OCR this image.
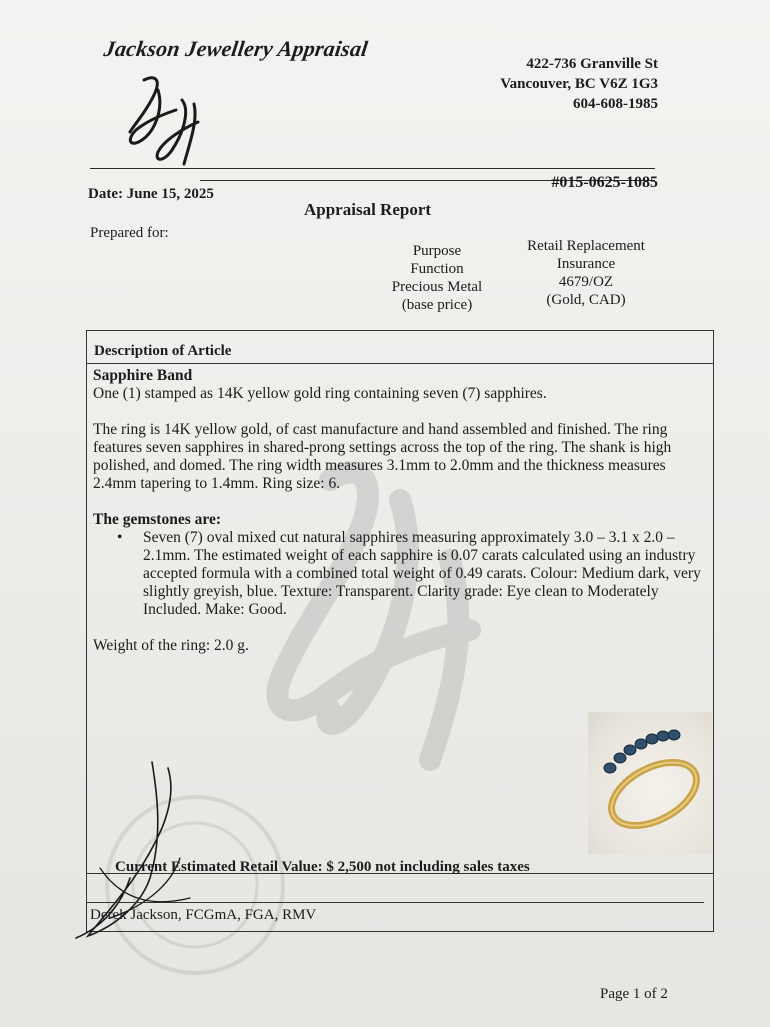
Jackson Jewellery Appraisal
422-736 Granville St
Vancouver, BC V6Z 1G3
604-608-1985

Date: June 15, 2025
#015-0625-1085
Appraisal Report
Prepared for:
Purpose
Function
Precious Metal
(base price)
Retail Replacement
Insurance
4679/OZ
(Gold, CAD)
Description of Article

Sapphire Band

One (1) stamped as 14K yellow gold ring containing seven (7) sapphires.

The ring is 14K yellow gold, of cast manufacture and hand assembled and finished. The ring features seven sapphires in shared-prong settings across the top of the ring. The shank is high polished, and domed. The ring width measures 3.1mm to 2.0mm and the thickness measures 2.4mm tapering to 1.4mm. Ring size: 6.

The gemstones are:

•	Seven (7) oval mixed cut natural sapphires measuring approximately 3.0 – 3.1 x 2.0 – 2.1mm. The estimated weight of each sapphire is 0.07 carats calculated using an industry accepted formula with a combined total weight of 0.49 carats. Colour: Medium dark, very slightly greyish, blue. Texture: Transparent. Clarity grade: Eye clean to Moderately Included. Make: Good.

Weight of the ring: 2.0 g.

Current Estimated Retail Value: $ 2,500 not including sales taxes
Derek Jackson, FCGmA, FGA, RMV
Page 1 of 2
